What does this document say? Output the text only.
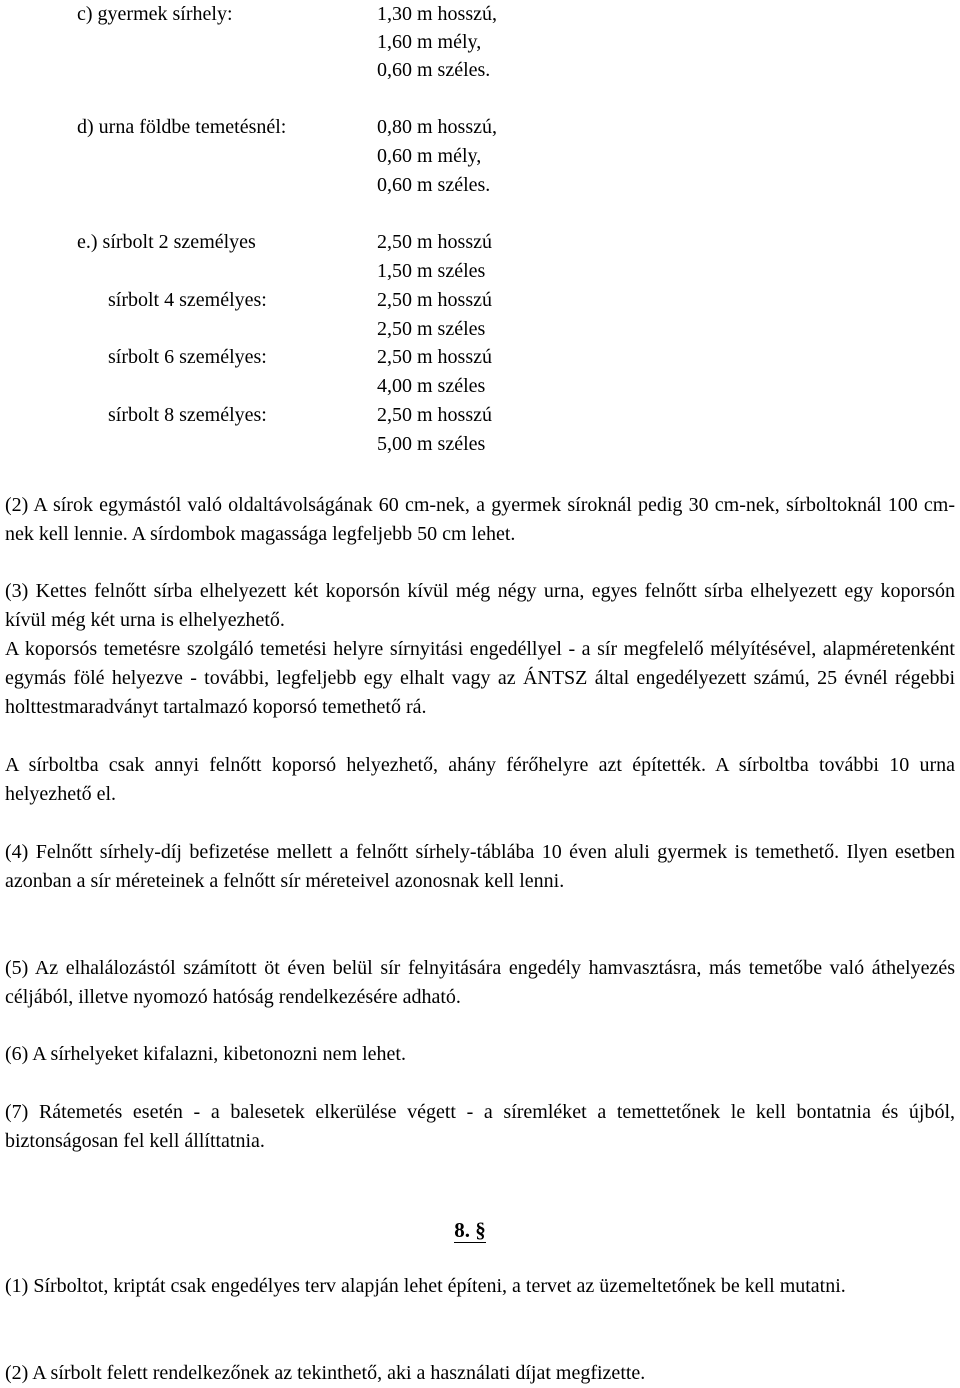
c) gyermek sírhely:	1,30 m hosszú,
1,60 m mély,
0,60 m széles.
d) urna földbe temetésnél:	0,80 m hosszú,
0,60 m mély,
0,60 m széles.
e.) sírbolt 2 személyes	2,50 m hosszú
1,50 m széles
sírbolt 4 személyes:	2,50 m hosszú
2,50 m széles
sírbolt 6 személyes:	2,50 m hosszú
4,00 m széles
sírbolt 8 személyes:	2,50 m hosszú
5,00 m széles

(2) A sírok egymástól való oldaltávolságának 60 cm-nek, a gyermek síroknál pedig 30 cm-nek, sírboltoknál 100 cm-nek kell lennie. A sírdombok magassága legfeljebb 50 cm lehet.

(3) Kettes felnőtt sírba elhelyezett két koporsón kívül még négy urna, egyes felnőtt sírba elhelyezett egy koporsón kívül még két urna is elhelyezhető.

A koporsós temetésre szolgáló temetési helyre sírnyitási engedéllyel - a sír megfelelő mélyítésével, alapméretenként egymás fölé helyezve - további, legfeljebb egy elhalt vagy az ÁNTSZ által engedélyezett számú, 25 évnél régebbi holttestmaradványt tartalmazó koporsó temethető rá.

A sírboltba csak annyi felnőtt koporsó helyezhető, ahány férőhelyre azt építették. A sírboltba további 10 urna helyezhető el.

(4) Felnőtt sírhely-díj befizetése mellett a felnőtt sírhely-táblába 10 éven aluli gyermek is temethető. Ilyen esetben azonban a sír méreteinek a felnőtt sír méreteivel azonosnak kell lenni.

(5) Az elhalálozástól számított öt éven belül sír felnyitására engedély hamvasztásra, más temetőbe való áthelyezés céljából, illetve nyomozó hatóság rendelkezésére adható.

(6) A sírhelyeket kifalazni, kibetonozni nem lehet.

(7) Rátemetés esetén - a balesetek elkerülése végett - a síremléket a temettetőnek le kell bontatnia és újból, biztonságosan fel kell állíttatnia.

8. §

(1) Sírboltot, kriptát csak engedélyes terv alapján lehet építeni, a tervet az üzemeltetőnek be kell mutatni.

(2) A sírbolt felett rendelkezőnek az tekinthető, aki a használati díjat megfizette.
